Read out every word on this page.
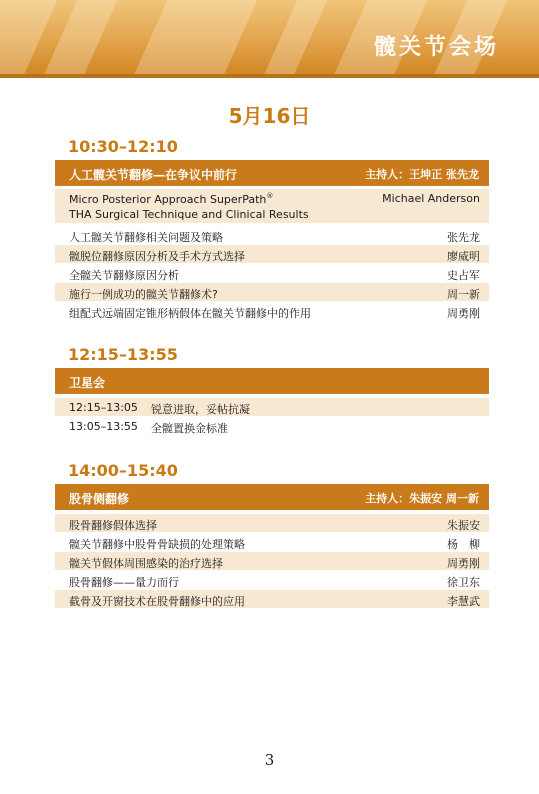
髋关节会场
5月16日
10:30–12:10
人工髋关节翻修—在争议中前行	主持人：王坤正 张先龙
Micro Posterior Approach SuperPath®
THA Surgical Technique and Clinical Results
Michael Anderson
人工髋关节翻修相关问题及策略	张先龙
髋脱位翻修原因分析及手术方式选择	廖威明
全髋关节翻修原因分析	史占军
施行一例成功的髋关节翻修术?	周一新
组配式远端固定锥形柄假体在髋关节翻修中的作用	周勇刚
12:15–13:55
卫星会
12:15–13:05 锐意进取，妥帖抗凝
13:05–13:55 全髋置换金标准
14:00–15:40
股骨侧翻修	主持人：朱振安 周一新
股骨翻修假体选择	朱振安
髋关节翻修中股骨骨缺损的处理策略	杨　柳
髋关节假体周围感染的治疗选择	周勇刚
股骨翻修——量力而行	徐卫东
截骨及开窗技术在股骨翻修中的应用	李慧武
3
